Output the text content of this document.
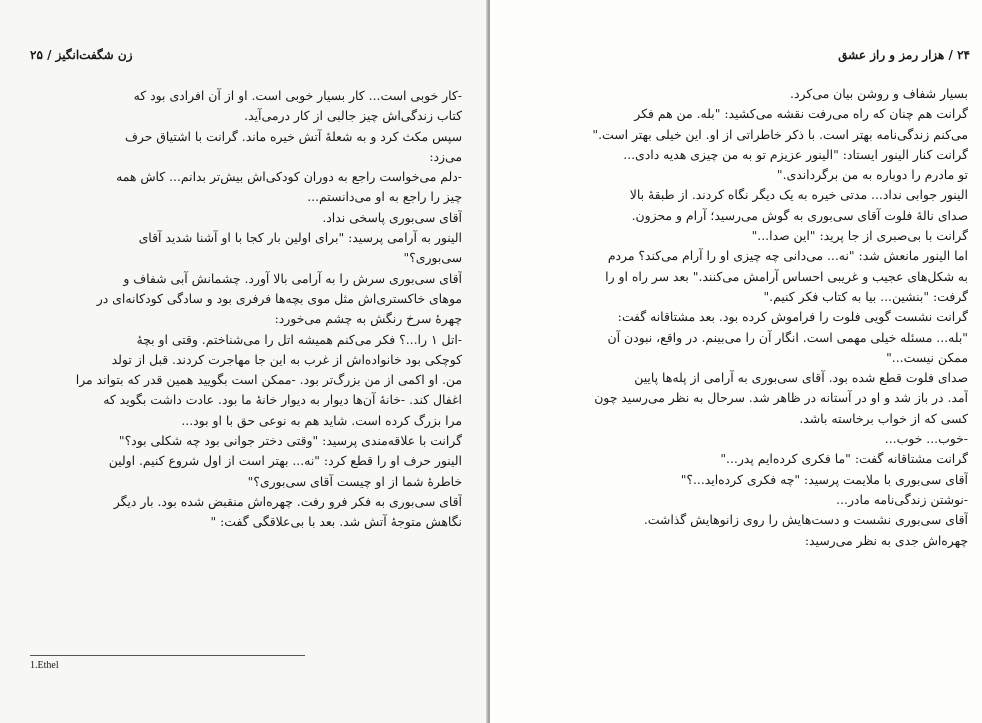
زن شگفت‌انگیز / ۲۵
-کار خوبی است... کار بسیار خوبی است. او از آن افرادی بود که
کتاب زندگی‌اش چیز جالبی از کار درمی‌آید.
سپس مکث کرد و به شعلهٔ آتش خیره ماند. گرانت با اشتیاق حرف
می‌زد:
-دلم می‌خواست راجع به دوران کودکی‌اش بیش‌تر بدانم... کاش همه
چیز را راجع به او می‌دانستم...
آقای سی‌بوری پاسخی نداد.
الینور به آرامی پرسید: "برای اولین بار کجا با او آشنا شدید آقای
سی‌بوری؟"
آقای سی‌بوری سرش را به آرامی بالا آورد. چشمانش آبی شفاف و
موهای خاکستری‌اش مثل موی بچه‌ها فرفری بود و سادگی کودکانه‌ای در
چهرهٔ سرخ رنگش به چشم می‌خورد:
-اتل ۱ را...؟ فکر می‌کنم همیشه اتل را می‌شناختم. وقتی او بچهٔ
کوچکی بود خانواده‌اش از غرب به این جا مهاجرت کردند. قبل از تولد
من. او اکمی از من بزرگ‌تر بود. -ممکن است بگویید همین قدر که بتواند مرا
اغفال کند. -خانهٔ آن‌ها دیوار به دیوار خانهٔ ما بود. عادت داشت بگوید که
مرا بزرگ کرده است. شاید هم به نوعی حق با او بود...
گرانت با علاقه‌مندی پرسید: "وقتی دختر جوانی بود چه شکلی بود؟"
الینور حرف او را قطع کرد: "نه... بهتر است از اول شروع کنیم. اولین
خاطرهٔ شما از او چیست آقای سی‌بوری؟"
آقای سی‌بوری به فکر فرو رفت. چهره‌اش منقبض شده بود. بار دیگر
نگاهش متوجهٔ آتش شد. بعد با بی‌علاقگی گفت: "
1.Ethel
۲۴ / هزار رمز و راز عشق
بسیار شفاف و روشن بیان می‌کرد.
گرانت هم چنان که راه می‌رفت نقشه می‌کشید: "بله. من هم فکر
می‌کنم زندگی‌نامه بهتر است. با ذکر خاطراتی از او. این خیلی بهتر است."
گرانت کنار الینور ایستاد: "الینور عزیزم تو به من چیزی هدیه دادی...
تو مادرم را دوباره به من برگرداندی."
الینور جوابی نداد... مدتی خیره به یک دیگر نگاه کردند. از طبقهٔ بالا
صدای نالهٔ فلوت آقای سی‌بوری به گوش می‌رسید؛ آرام و محزون.
گرانت با بی‌صبری از جا پرید: "این صدا..."
اما الینور مانعش شد: "نه... می‌دانی چه چیزی او را آرام می‌کند؟ مردم
به شکل‌های عجیب و غریبی احساس آرامش می‌کنند." بعد سر راه او را
گرفت: "بنشین... بیا به کتاب فکر کنیم."
گرانت نشست گویی فلوت را فراموش کرده بود. بعد مشتاقانه گفت:
"بله... مسئله خیلی مهمی است. انگار آن را می‌بینم. در واقع، نبودن آن
ممکن نیست..."
صدای فلوت قطع شده بود. آقای سی‌بوری به آرامی از پله‌ها پایین
آمد. در باز شد و او در آستانه در ظاهر شد. سرحال به نظر می‌رسید چون
کسی که از خواب برخاسته باشد.
-خوب... خوب...
گرانت مشتاقانه گفت: "ما فکری کرده‌ایم پدر..."
آقای سی‌بوری با ملایمت پرسید: "چه فکری کرده‌اید...؟"
-نوشتن زندگی‌نامه مادر...
آقای سی‌بوری نشست و دست‌هایش را روی زانوهایش گذاشت.
چهره‌اش جدی به نظر می‌رسید:
